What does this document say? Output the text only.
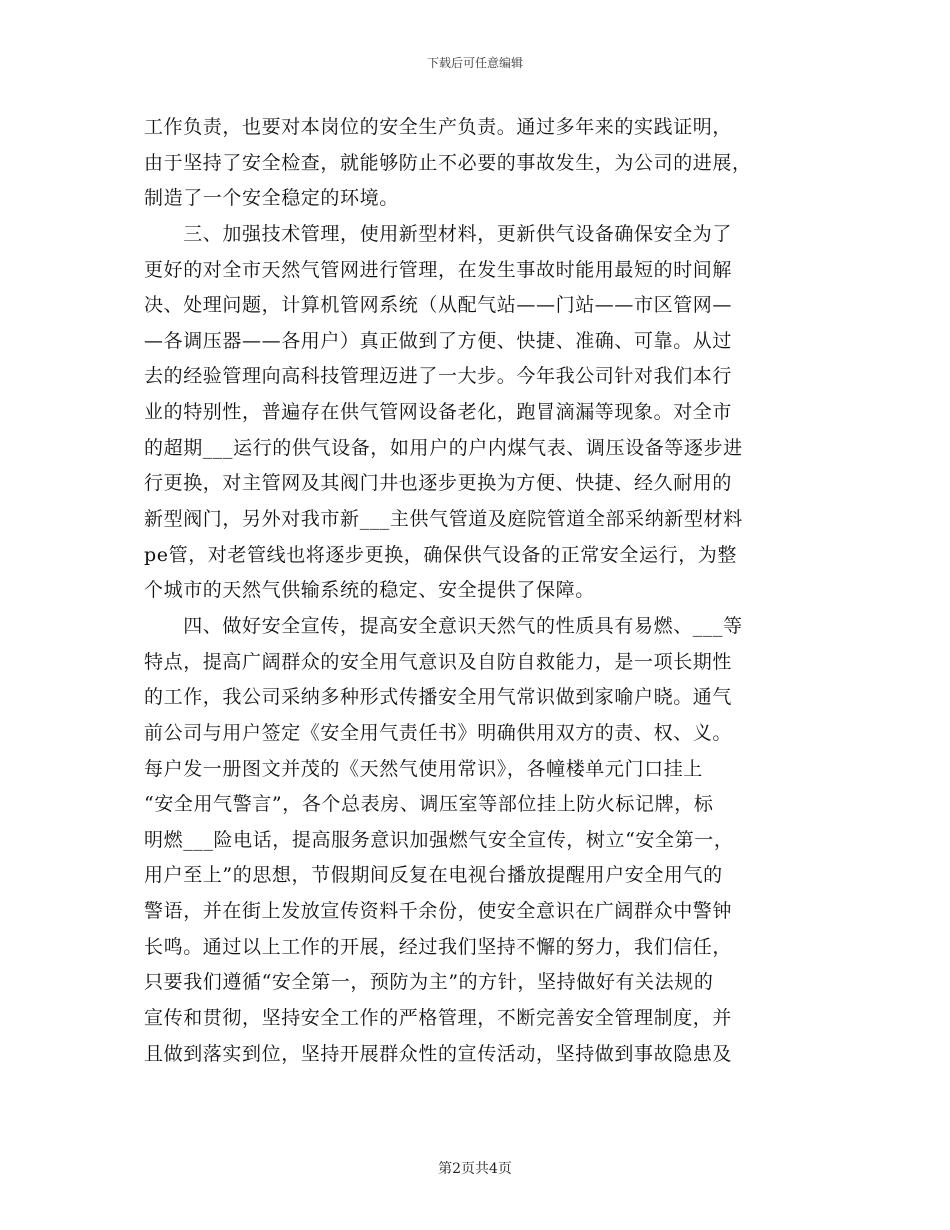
下载后可任意编辑
工作负责，也要对本岗位的安全生产负责。通过多年来的实践证明，
由于坚持了安全检查，就能够防止不必要的事故发生，为公司的进展，
制造了一个安全稳定的环境。
　　三、加强技术管理，使用新型材料，更新供气设备确保安全为了
更好的对全市天然气管网进行管理，在发生事故时能用最短的时间解
决、处理问题，计算机管网系统（从配气站——门站——市区管网—
—各调压器——各用户）真正做到了方便、快捷、准确、可靠。从过
去的经验管理向高科技管理迈进了一大步。今年我公司针对我们本行
业的特别性，普遍存在供气管网设备老化，跑冒滴漏等现象。对全市
的超期___运行的供气设备，如用户的户内煤气表、调压设备等逐步进
行更换，对主管网及其阀门井也逐步更换为方便、快捷、经久耐用的
新型阀门，另外对我市新___主供气管道及庭院管道全部采纳新型材料
pe管，对老管线也将逐步更换，确保供气设备的正常安全运行，为整
个城市的天然气供输系统的稳定、安全提供了保障。
　　四、做好安全宣传，提高安全意识天然气的性质具有易燃、___等
特点，提高广阔群众的安全用气意识及自防自救能力，是一项长期性
的工作，我公司采纳多种形式传播安全用气常识做到家喻户晓。通气
前公司与用户签定《安全用气责任书》明确供用双方的责、权、义。
每户发一册图文并茂的《天然气使用常识》，各幢楼单元门口挂上
“安全用气警言”，各个总表房、调压室等部位挂上防火标记牌，标
明燃___险电话，提高服务意识加强燃气安全宣传，树立“安全第一，
用户至上”的思想，节假期间反复在电视台播放提醒用户安全用气的
警语，并在街上发放宣传资料千余份，使安全意识在广阔群众中警钟
长鸣。通过以上工作的开展，经过我们坚持不懈的努力，我们信任，
只要我们遵循“安全第一，预防为主”的方针，坚持做好有关法规的
宣传和贯彻，坚持安全工作的严格管理，不断完善安全管理制度，并
且做到落实到位，坚持开展群众性的宣传活动，坚持做到事故隐患及
第2页共4页
